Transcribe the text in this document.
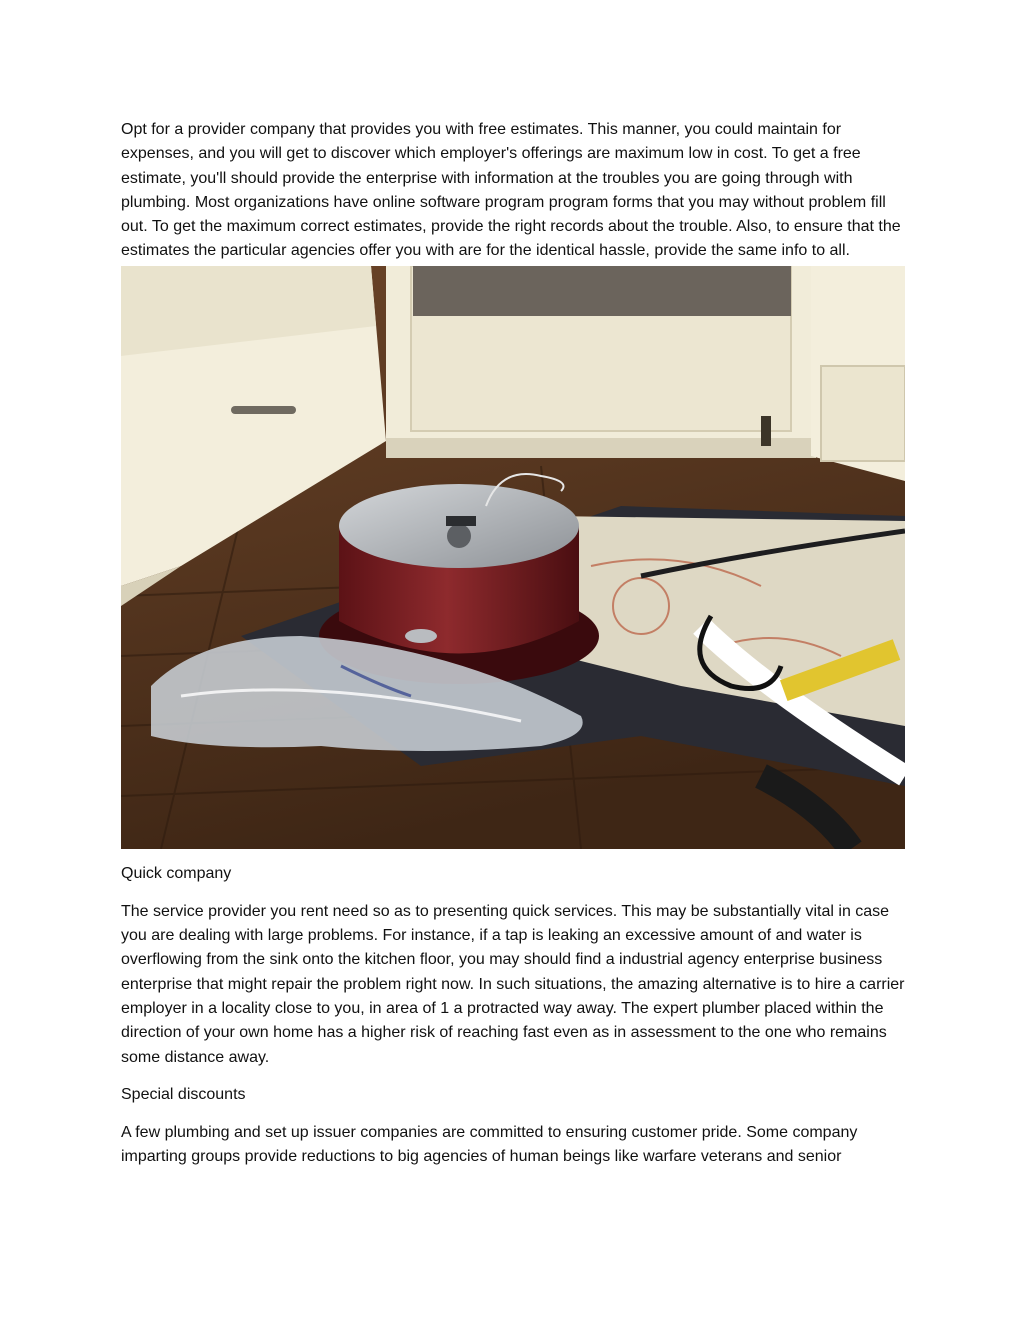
Opt for a provider company that provides you with free estimates. This manner, you could maintain for expenses, and you will get to discover which employer's offerings are maximum low in cost. To get a free estimate, you'll should provide the enterprise with information at the troubles you are going through with plumbing. Most organizations have online software program program forms that you may without problem fill out. To get the maximum correct estimates, provide the right records about the trouble. Also, to ensure that the estimates the particular agencies offer you with are for the identical hassle, provide the same info to all.

Quick company

The service provider you rent need so as to presenting quick services. This may be substantially vital in case you are dealing with large problems. For instance, if a tap is leaking an excessive amount of and water is overflowing from the sink onto the kitchen floor, you may should find a industrial agency enterprise business enterprise that might repair the problem right now. In such situations, the amazing alternative is to hire a carrier employer in a locality close to you, in area of 1 a protracted way away. The expert plumber placed within the direction of your own home has a higher risk of reaching fast even as in assessment to the one who remains some distance away.

Special discounts

A few plumbing and set up issuer companies are committed to ensuring customer pride. Some company imparting groups provide reductions to big agencies of human beings like warfare veterans and senior
